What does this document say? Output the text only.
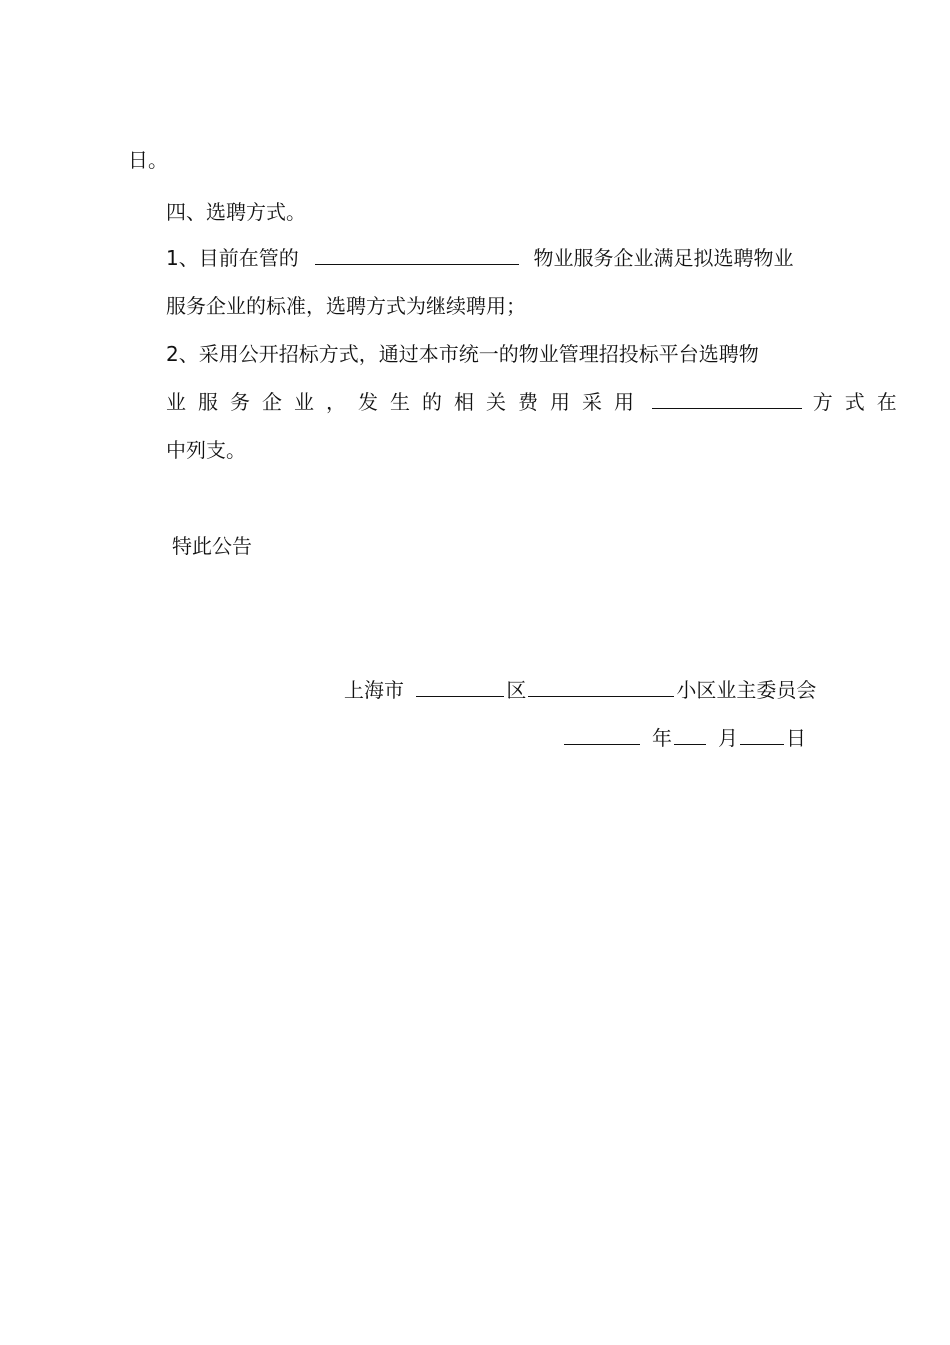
日。
四、选聘方式。
1、目前在管的	物业服务企业满足拟选聘物业
服务企业的标准，选聘方式为继续聘用；
2、采用公开招标方式，通过本市统一的物业管理招投标平台选聘物
业服务企业，发生的相关费用采用	方式在
中列支。
特此公告
上海市	区	小区业主委员会
年 月 日
